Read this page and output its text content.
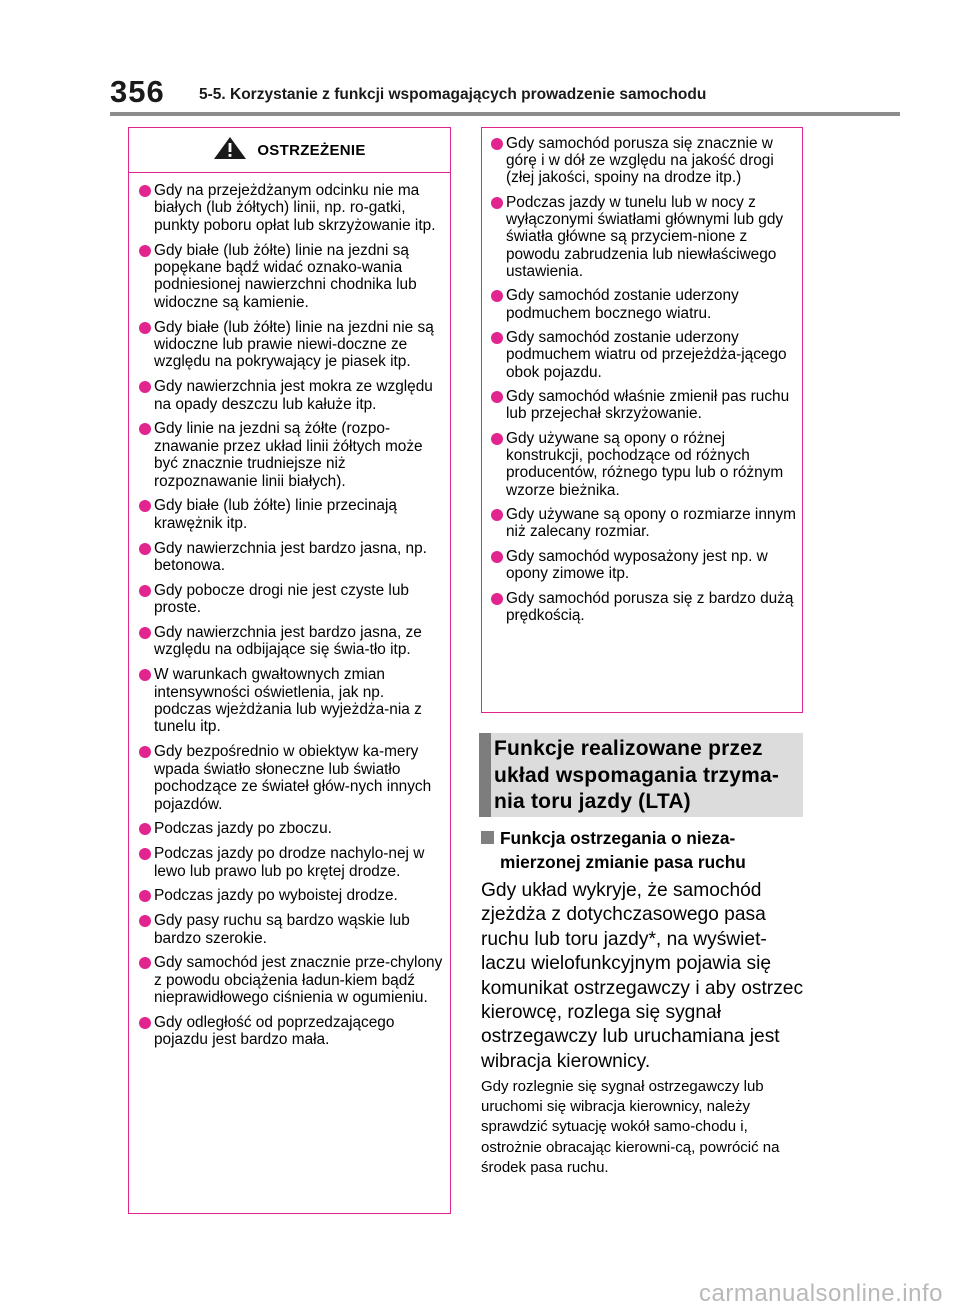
356 5-5. Korzystanie z funkcji wspomagających prowadzenie samochodu
OSTRZEŻENIE
Gdy na przejeżdżanym odcinku nie ma białych (lub żółtych) linii, np. ro-gatki, punkty poboru opłat lub skrzyżowanie itp.
Gdy białe (lub żółte) linie na jezdni są popękane bądź widać oznako-wania podniesionej nawierzchni chodnika lub widoczne są kamienie.
Gdy białe (lub żółte) linie na jezdni nie są widoczne lub prawie niewi-doczne ze względu na pokrywający je piasek itp.
Gdy nawierzchnia jest mokra ze względu na opady deszczu lub kałuże itp.
Gdy linie na jezdni są żółte (rozpo-znawanie przez układ linii żółtych może być znacznie trudniejsze niż rozpoznawanie linii białych).
Gdy białe (lub żółte) linie przecinają krawężnik itp.
Gdy nawierzchnia jest bardzo jasna, np. betonowa.
Gdy pobocze drogi nie jest czyste lub proste.
Gdy nawierzchnia jest bardzo jasna, ze względu na odbijające się świa-tło itp.
W warunkach gwałtownych zmian intensywności oświetlenia, jak np. podczas wjeżdżania lub wyjeżdża-nia z tunelu itp.
Gdy bezpośrednio w obiektyw ka-mery wpada światło słoneczne lub światło pochodzące ze świateł głów-nych innych pojazdów.
Podczas jazdy po zboczu.
Podczas jazdy po drodze nachylo-nej w lewo lub prawo lub po krętej drodze.
Podczas jazdy po wyboistej drodze.
Gdy pasy ruchu są bardzo wąskie lub bardzo szerokie.
Gdy samochód jest znacznie prze-chylony z powodu obciążenia ładun-kiem bądź nieprawidłowego ciśnienia w ogumieniu.
Gdy odległość od poprzedzającego pojazdu jest bardzo mała.
Gdy samochód porusza się znacznie w górę i w dół ze względu na jakość drogi (złej jakości, spoiny na drodze itp.)
Podczas jazdy w tunelu lub w nocy z wyłączonymi światłami głównymi lub gdy światła główne są przyciem-nione z powodu zabrudzenia lub niewłaściwego ustawienia.
Gdy samochód zostanie uderzony podmuchem bocznego wiatru.
Gdy samochód zostanie uderzony podmuchem wiatru od przejeżdża-jącego obok pojazdu.
Gdy samochód właśnie zmienił pas ruchu lub przejechał skrzyżowanie.
Gdy używane są opony o różnej konstrukcji, pochodzące od różnych producentów, różnego typu lub o różnym wzorze bieżnika.
Gdy używane są opony o rozmiarze innym niż zalecany rozmiar.
Gdy samochód wyposażony jest np. w opony zimowe itp.
Gdy samochód porusza się z bardzo dużą prędkością.
Funkcje realizowane przez układ wspomagania trzyma-nia toru jazdy (LTA)
Funkcja ostrzegania o nieza-mierzonej zmianie pasa ruchu
Gdy układ wykryje, że samochód zjeżdża z dotychczasowego pasa ruchu lub toru jazdy*, na wyświet-laczu wielofunkcyjnym pojawia się komunikat ostrzegawczy i aby ostrzec kierowcę, rozlega się sygnał ostrzegawczy lub uruchamiana jest wibracja kierownicy.
Gdy rozlegnie się sygnał ostrzegawczy lub uruchomi się wibracja kierownicy, należy sprawdzić sytuację wokół samo-chodu i, ostrożnie obracając kierowni-cą, powrócić na środek pasa ruchu.
carmanualsonline.info
